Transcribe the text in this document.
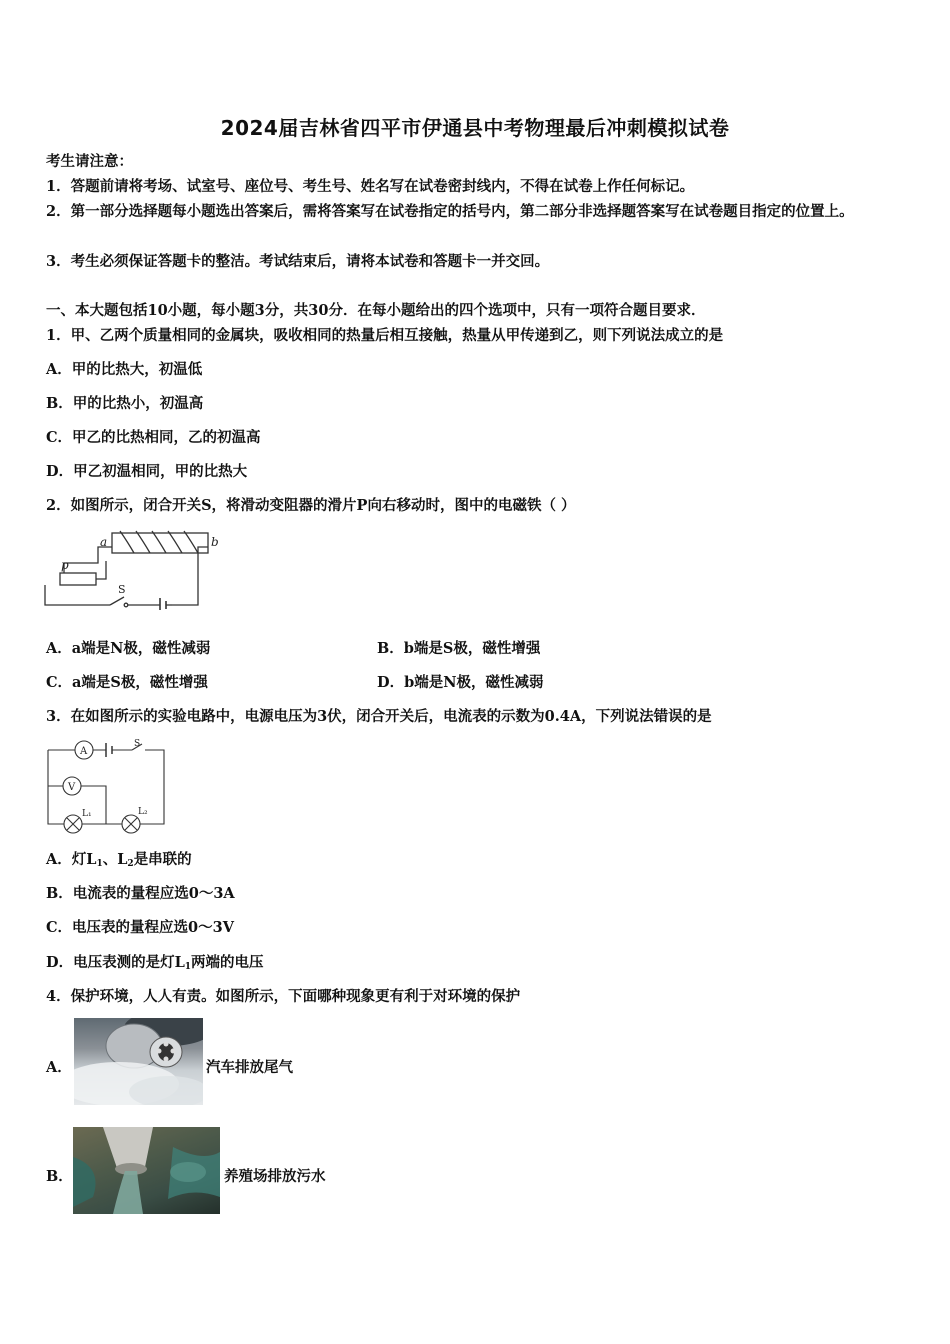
2024届吉林省四平市伊通县中考物理最后冲刺模拟试卷
考生请注意：
1．答题前请将考场、试室号、座位号、考生号、姓名写在试卷密封线内，不得在试卷上作任何标记。
2．第一部分选择题每小题选出答案后，需将答案写在试卷指定的括号内，第二部分非选择题答案写在试卷题目指定的位置上。
3．考生必须保证答题卡的整洁。考试结束后，请将本试卷和答题卡一并交回。
一、本大题包括10小题，每小题3分，共30分．在每小题给出的四个选项中，只有一项符合题目要求．
1．甲、乙两个质量相同的金属块，吸收相同的热量后相互接触，热量从甲传递到乙，则下列说法成立的是
A．甲的比热大，初温低
B．甲的比热小，初温高
C．甲乙的比热相同，乙的初温高
D．甲乙初温相同，甲的比热大
2．如图所示，闭合开关S，将滑动变阻器的滑片P向右移动时，图中的电磁铁（ ）
a	b
p
S
A．a端是N极，磁性减弱	B．b端是S极，磁性增强
C．a端是S极，磁性增强	D．b端是N极，磁性减弱
3．在如图所示的实验电路中，电源电压为3伏，闭合开关后，电流表的示数为0.4A，下列说法错误的是
A
V
S
L₁	L₂
A．灯$L_1$、$L_2$是串联的
B．电流表的量程应选0～3A
C．电压表的量程应选0～3V
D．电压表测的是灯$L_1$两端的电压
4．保护环境，人人有责。如图所示，下面哪种现象更有利于对环境的保护
A．	汽车排放尾气
B．	养殖场排放污水
